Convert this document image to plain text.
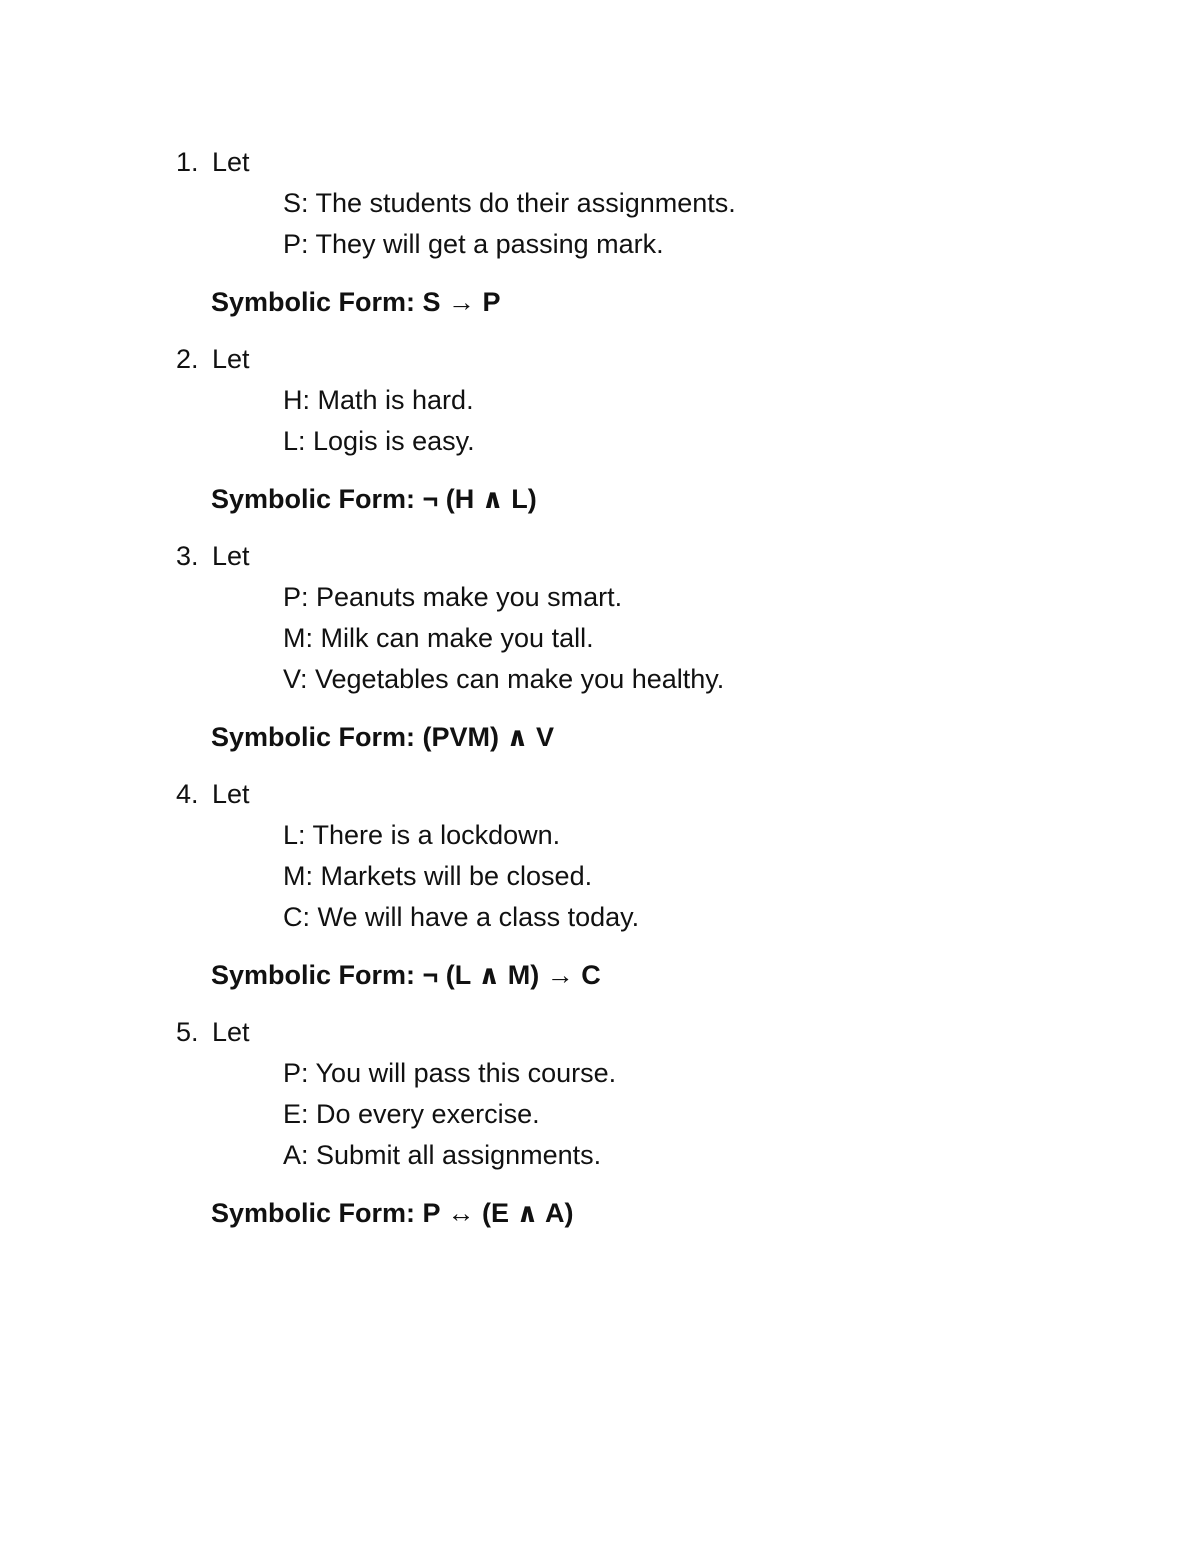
1. Let
S: The students do their assignments.
P: They will get a passing mark.
Symbolic Form: S → P
2. Let
H: Math is hard.
L: Logis is easy.
Symbolic Form: ¬ (H ∧ L)
3. Let
P: Peanuts make you smart.
M: Milk can make you tall.
V: Vegetables can make you healthy.
Symbolic Form: (PVM) ∧ V
4. Let
L: There is a lockdown.
M: Markets will be closed.
C: We will have a class today.
Symbolic Form: ¬ (L ∧ M) → C
5. Let
P: You will pass this course.
E: Do every exercise.
A: Submit all assignments.
Symbolic Form: P ↔ (E ∧ A)
